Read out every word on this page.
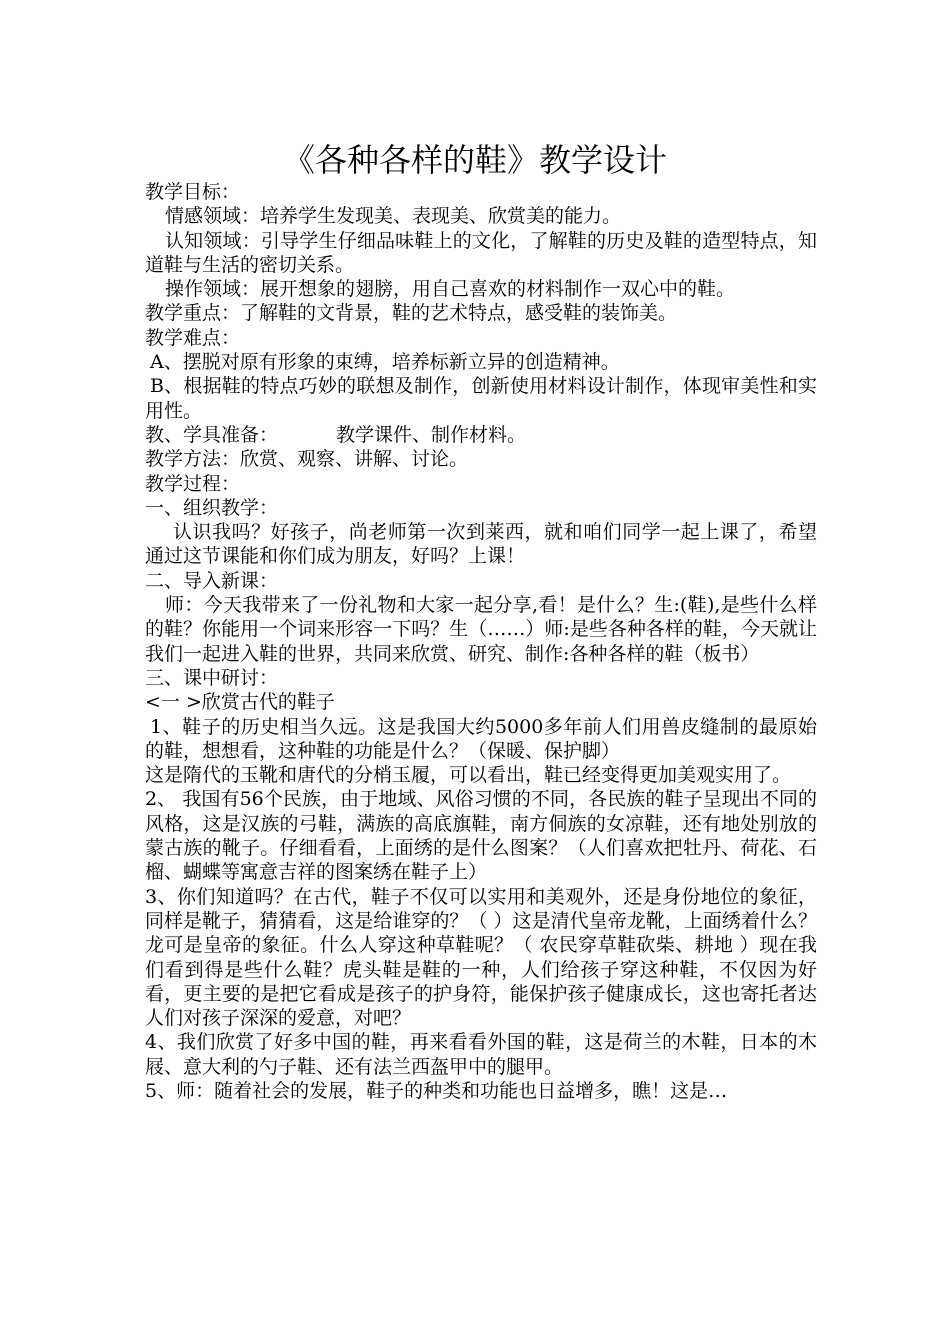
《各种各样的鞋》教学设计

教学目标：

情感领域：培养学生发现美、表现美、欣赏美的能力。

认知领域：引导学生仔细品味鞋上的文化，了解鞋的历史及鞋的造型特点，知道鞋与生活的密切关系。

操作领域：展开想象的翅膀，用自己喜欢的材料制作一双心中的鞋。

教学重点：了解鞋的文背景，鞋的艺术特点，感受鞋的装饰美。

教学难点：

A、摆脱对原有形象的束缚，培养标新立异的创造精神。

B、根据鞋的特点巧妙的联想及制作，创新使用材料设计制作，体现审美性和实用性。

教、学具准备：	教学课件、制作材料。

教学方法：欣赏、观察、讲解、讨论。

教学过程：

一、组织教学：

认识我吗？好孩子，尚老师第一次到莱西，就和咱们同学一起上课了，希望通过这节课能和你们成为朋友，好吗？上课！

二、导入新课：

师：今天我带来了一份礼物和大家一起分享,看！是什么？生:(鞋),是些什么样的鞋？你能用一个词来形容一下吗？生（……）师:是些各种各样的鞋，今天就让我们一起进入鞋的世界，共同来欣赏、研究、制作:各种各样的鞋（板书）

三、课中研讨：

<一 >欣赏古代的鞋子

1、鞋子的历史相当久远。这是我国大约5000多年前人们用兽皮缝制的最原始的鞋，想想看，这种鞋的功能是什么？（保暖、保护脚）

这是隋代的玉靴和唐代的分梢玉履，可以看出，鞋已经变得更加美观实用了。

2、 我国有56个民族，由于地域、风俗习惯的不同，各民族的鞋子呈现出不同的风格，这是汉族的弓鞋，满族的高底旗鞋，南方侗族的女凉鞋，还有地处别放的蒙古族的靴子。仔细看看，上面绣的是什么图案？（人们喜欢把牡丹、荷花、石榴、蝴蝶等寓意吉祥的图案绣在鞋子上）

3、你们知道吗？在古代，鞋子不仅可以实用和美观外，还是身份地位的象征，同样是靴子，猜猜看，这是给谁穿的？（ ）这是清代皇帝龙靴，上面绣着什么？龙可是皇帝的象征。什么人穿这种草鞋呢？（ 农民穿草鞋砍柴、耕地 ）现在我们看到得是些什么鞋？虎头鞋是鞋的一种，人们给孩子穿这种鞋，不仅因为好看，更主要的是把它看成是孩子的护身符，能保护孩子健康成长，这也寄托者达人们对孩子深深的爱意，对吧？

4、我们欣赏了好多中国的鞋，再来看看外国的鞋，这是荷兰的木鞋，日本的木屐、意大利的勺子鞋、还有法兰西盔甲中的腿甲。

5、师：随着社会的发展，鞋子的种类和功能也日益增多，瞧！这是…
